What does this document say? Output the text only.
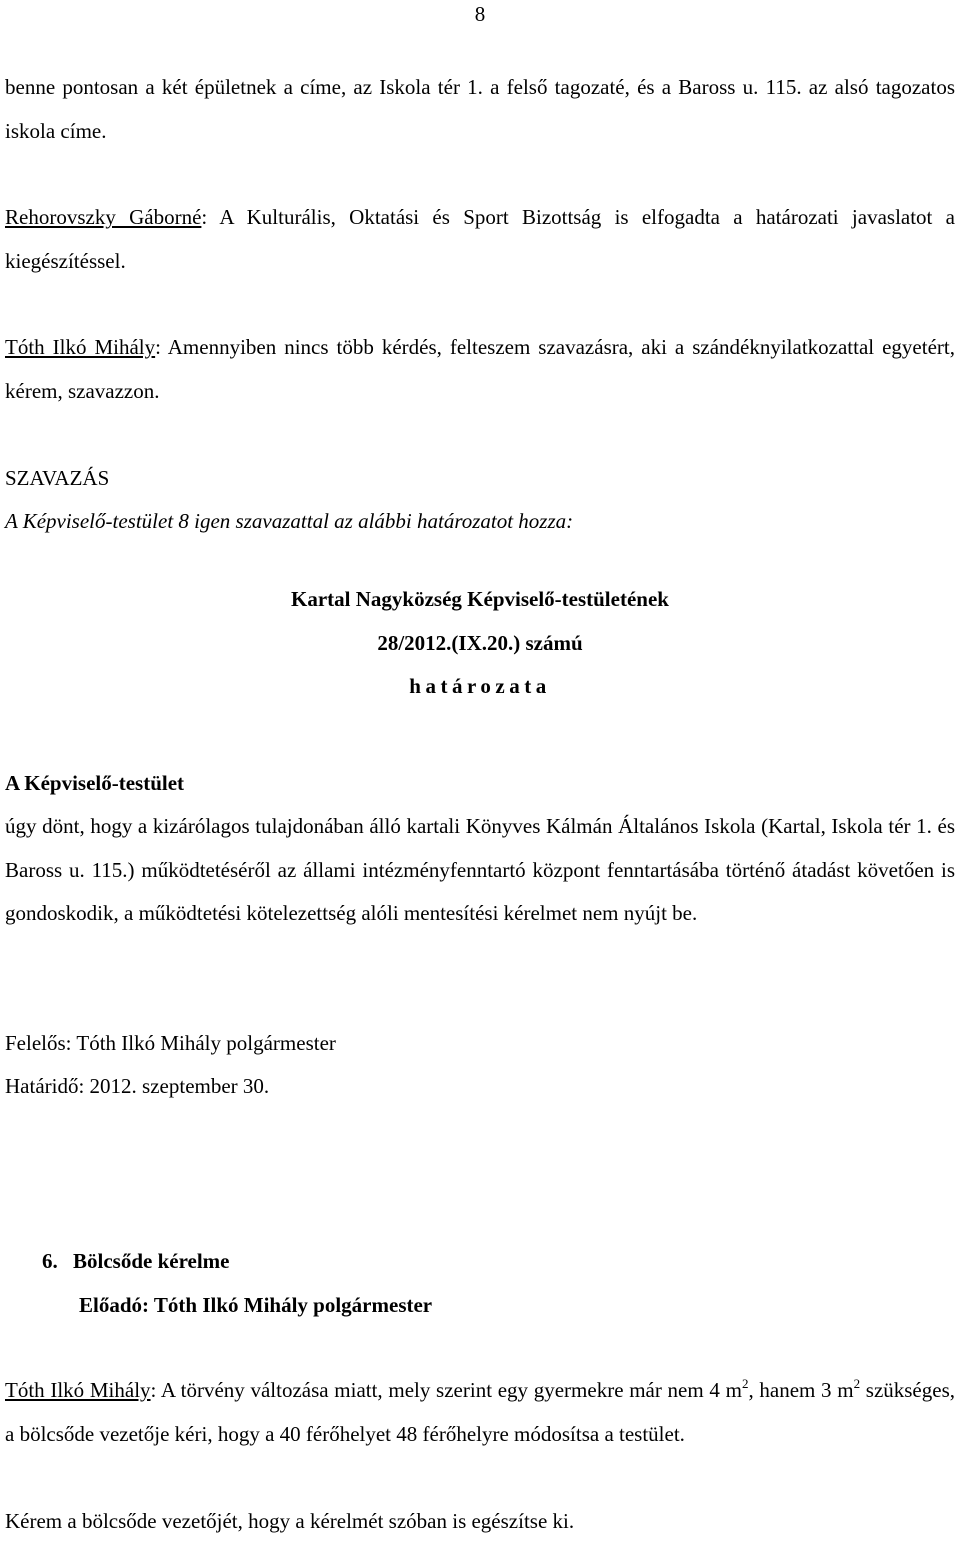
8
benne pontosan a két épületnek a címe, az Iskola tér 1. a felső tagozaté, és a Baross u. 115. az alsó tagozatos iskola címe.
Rehorovszky Gáborné: A Kulturális, Oktatási és Sport Bizottság is elfogadta a határozati javaslatot a kiegészítéssel.
Tóth Ilkó Mihály: Amennyiben nincs több kérdés, felteszem szavazásra, aki a szándéknyilatkozattal egyetért, kérem, szavazzon.
SZAVAZÁS
A Képviselő-testület 8 igen szavazattal az alábbi határozatot hozza:
Kartal Nagyközség Képviselő-testületének
28/2012.(IX.20.) számú
határozata
A Képviselő-testület
úgy dönt, hogy a kizárólagos tulajdonában álló kartali Könyves Kálmán Általános Iskola (Kartal, Iskola tér 1. és Baross u. 115.) működtetéséről az állami intézményfenntartó központ fenntartásába történő átadást követően is gondoskodik, a működtetési kötelezettség alóli mentesítési kérelmet nem nyújt be.
Felelős: Tóth Ilkó Mihály polgármester
Határidő: 2012. szeptember 30.
6. Bölcsőde kérelme
Előadó: Tóth Ilkó Mihály polgármester
Tóth Ilkó Mihály: A törvény változása miatt, mely szerint egy gyermekre már nem 4 $m^2$, hanem 3 $m^2$ szükséges, a bölcsőde vezetője kéri, hogy a 40 férőhelyet 48 férőhelyre módosítsa a testület.
Kérem a bölcsőde vezetőjét, hogy a kérelmét szóban is egészítse ki.
